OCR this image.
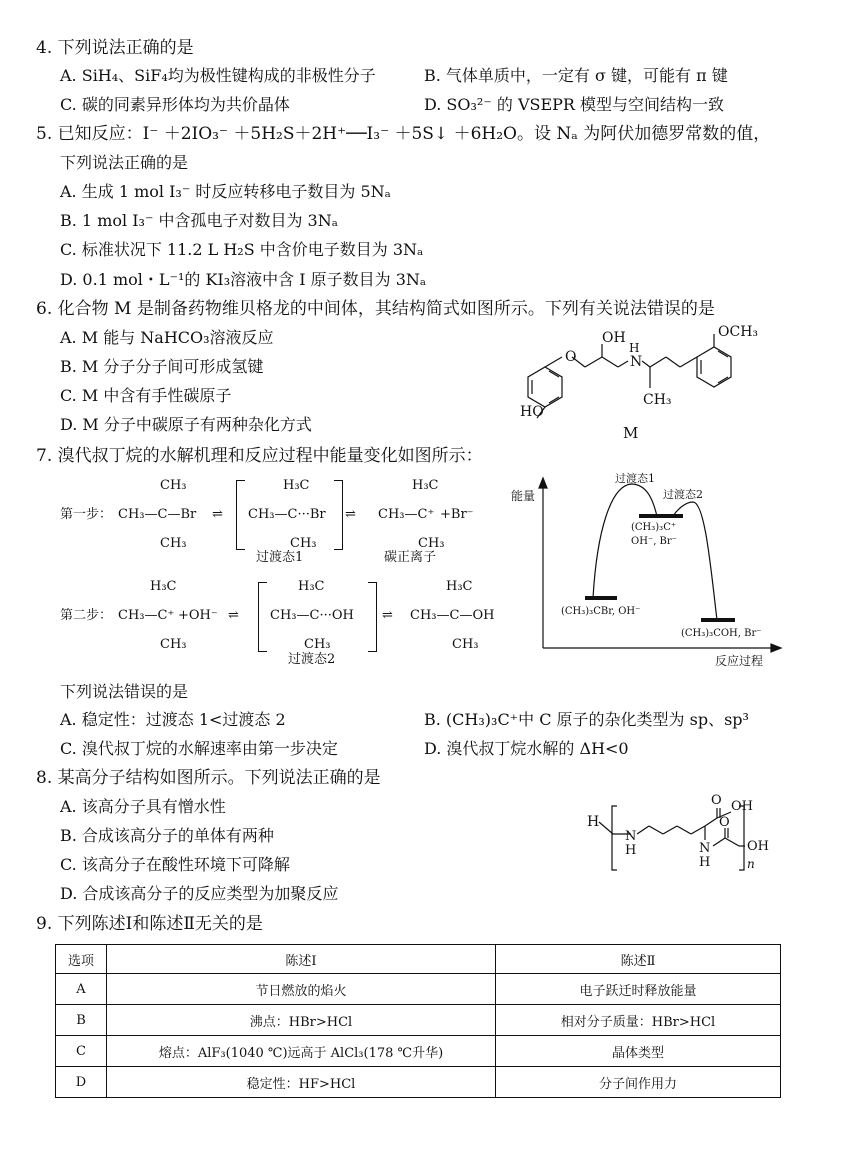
4. 下列说法正确的是
A. SiH₄、SiF₄均为极性键构成的非极性分子	B. 气体单质中，一定有 σ 键，可能有 π 键
C. 碳的同素异形体均为共价晶体	D. SO₃²⁻ 的 VSEPR 模型与空间结构一致
5. 已知反应：I⁻ ＋2IO₃⁻ ＋5H₂S＋2H⁺──I₃⁻ ＋5S↓ ＋6H₂O。设 Nₐ 为阿伏加德罗常数的值，
下列说法正确的是
A. 生成 1 mol I₃⁻ 时反应转移电子数目为 5Nₐ
B. 1 mol I₃⁻ 中含孤电子对数目为 3Nₐ
C. 标准状况下 11.2 L H₂S 中含价电子数目为 3Nₐ
D. 0.1 mol・L⁻¹的 KI₃溶液中含 I 原子数目为 3Nₐ
6. 化合物 M 是制备药物维贝格龙的中间体，其结构简式如图所示。下列有关说法错误的是
A. M 能与 NaHCO₃溶液反应
B. M 分子分子间可形成氢键
C. M 中含有手性碳原子
D. M 分子中碳原子有两种杂化方式
OCH₃
OH
N
H
O
HO
CH₃
M
7. 溴代叔丁烷的水解机理和反应过程中能量变化如图所示：
第一步：
CH₃
CH₃—C—Br
CH₃
⇌
H₃C
CH₃—C···Br
CH₃
过渡态1
⇌
H₃C
CH₃—C⁺ +Br⁻
CH₃
碳正离子
第二步：
H₃C
CH₃—C⁺ +OH⁻
CH₃
⇌
H₃C
CH₃—C···OH
CH₃
过渡态2
⇌
H₃C
CH₃—C—OH
CH₃
能量
反应过程
过渡态1
过渡态2
(CH₃)₃C⁺
OH⁻, Br⁻
(CH₃)₃CBr, OH⁻
(CH₃)₃COH, Br⁻
下列说法错误的是
A. 稳定性：过渡态 1<过渡态 2	B. (CH₃)₃C⁺中 C 原子的杂化类型为 sp、sp³
C. 溴代叔丁烷的水解速率由第一步决定	D. 溴代叔丁烷水解的 ΔH<0
8. 某高分子结构如图所示。下列说法正确的是
A. 该高分子具有憎水性
B. 合成该高分子的单体有两种
C. 该高分子在酸性环境下可降解
D. 合成该高分子的反应类型为加聚反应
H
N
H	N
H
O OH
O
OH
n
9. 下列陈述Ⅰ和陈述Ⅱ无关的是
选项	陈述Ⅰ	陈述Ⅱ
A	节日燃放的焰火	电子跃迁时释放能量
B	沸点：HBr>HCl	相对分子质量：HBr>HCl
C	熔点：AlF₃(1040 ℃)远高于 AlCl₃(178 ℃升华)	晶体类型
D	稳定性：HF>HCl	分子间作用力
